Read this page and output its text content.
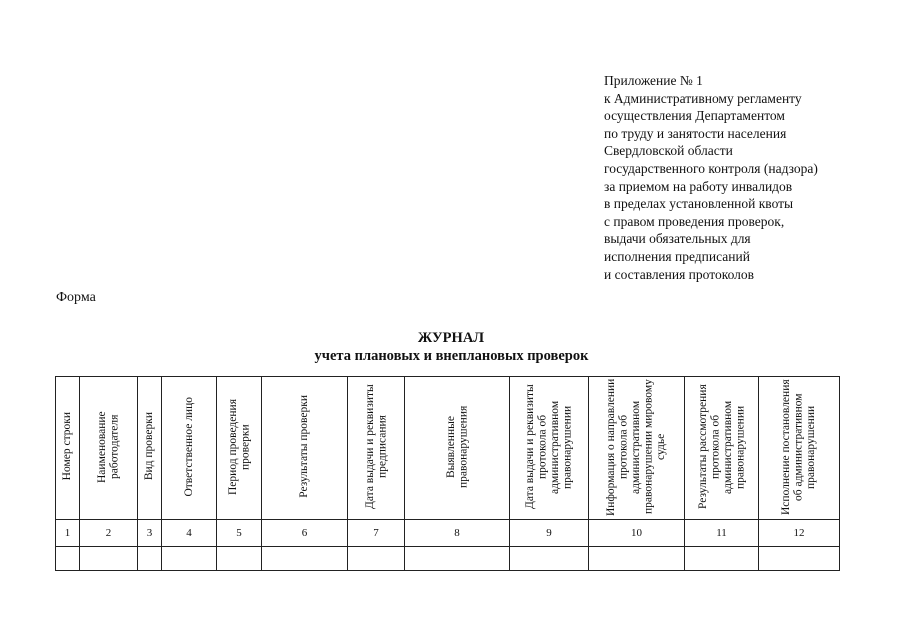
Приложение № 1
к Административному регламенту
осуществления Департаментом
по труду и занятости населения
Свердловской области
государственного контроля (надзора)
за приемом на работу инвалидов
в пределах установленной квоты
с правом проведения проверок,
выдачи обязательных для
исполнения предписаний
и составления протоколов
Форма
ЖУРНАЛ
учета плановых и внеплановых проверок
Номер строки	Наименование работодателя	Вид проверки	Ответственное лицо	Период проведения проверки	Результаты проверки	Дата выдачи и реквизиты предписания	Выявленные правонарушения	Дата выдачи и реквизиты протокола об административном правонарушении	Информация о направлении протокола об административном правонарушении мировому судье	Результаты рассмотрения протокола об административном правонарушении	Исполнение постановления об административном правонарушении
1	2	3	4	5	6	7	8	9	10	11	12
